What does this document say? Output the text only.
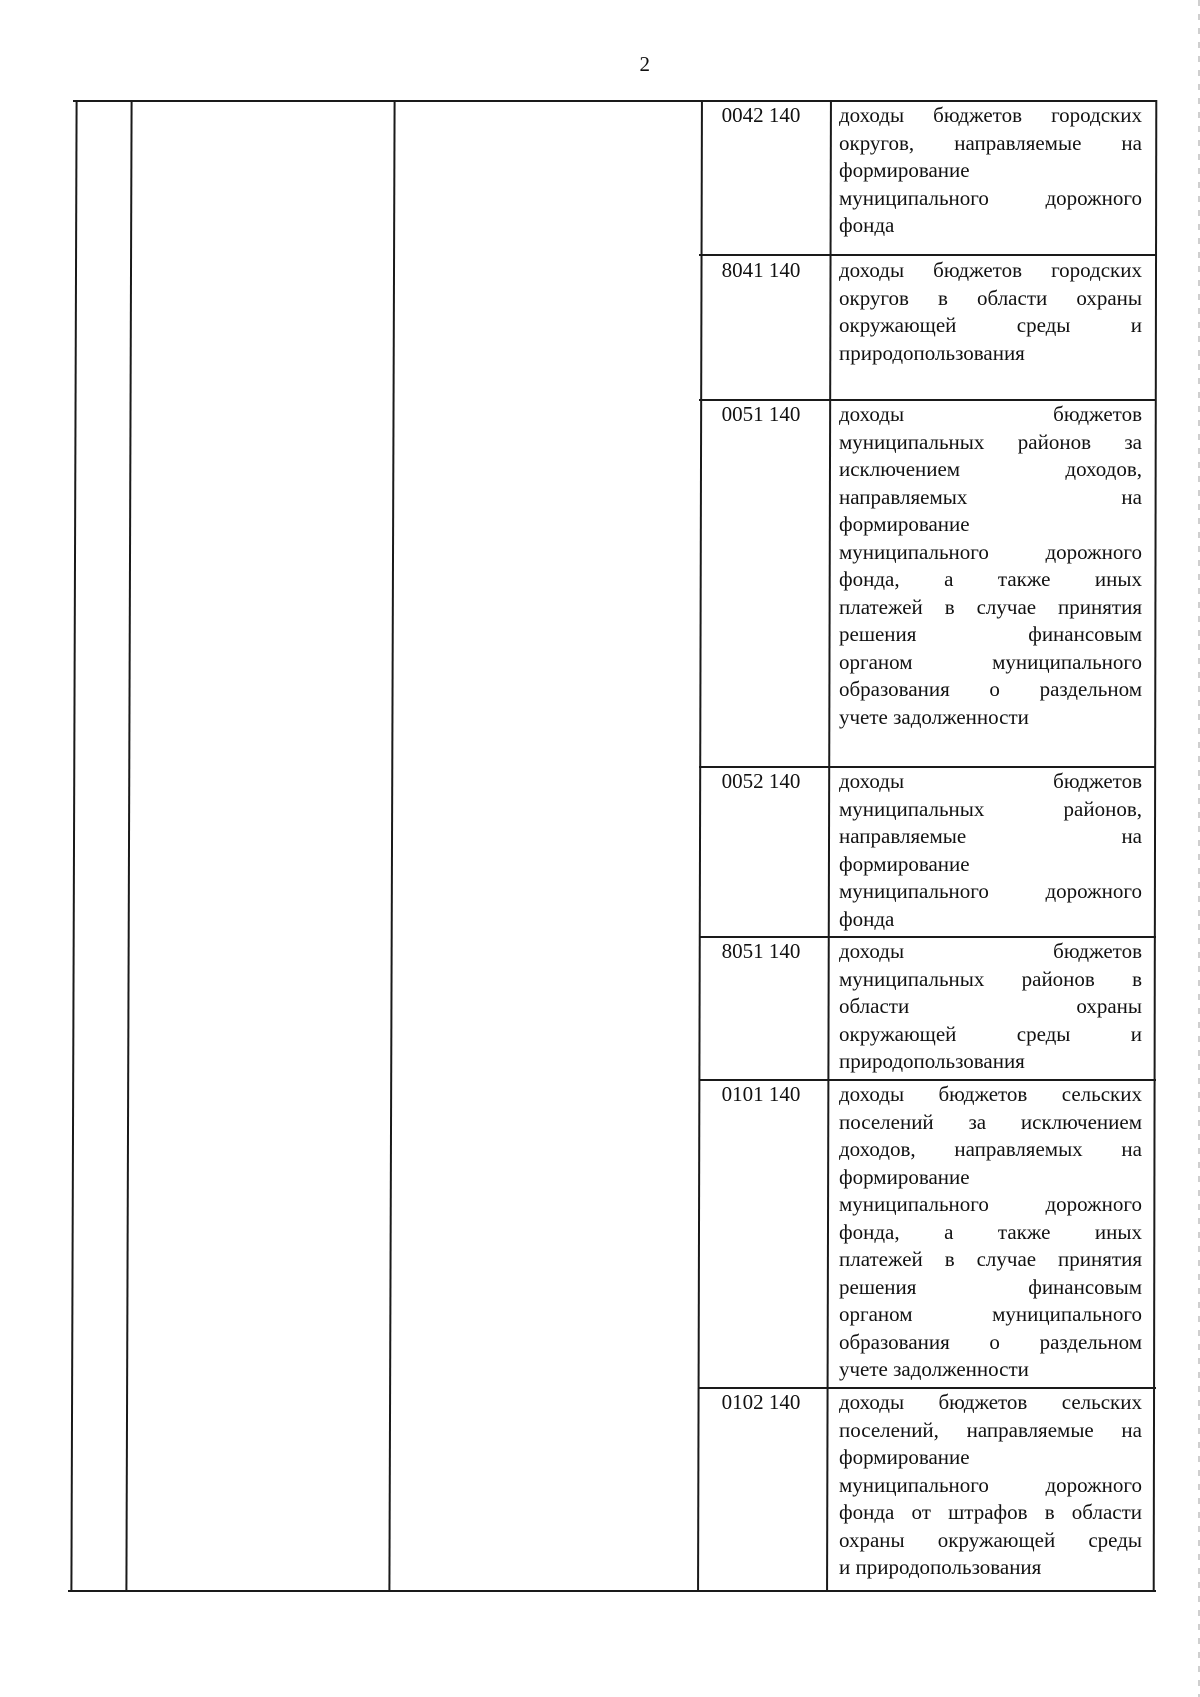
2
0042 140	доходы бюджетов городских
округов, направляемые на
формирование
муниципального дорожного
фонда
8041 140	доходы бюджетов городских
округов в области охраны
окружающей среды и
природопользования
0051 140	доходы бюджетов
муниципальных районов за
исключением доходов,
направляемых на
формирование
муниципального дорожного
фонда, а также иных
платежей в случае принятия
решения финансовым
органом муниципального
образования о раздельном
учете задолженности
0052 140	доходы бюджетов
муниципальных районов,
направляемые на
формирование
муниципального дорожного
фонда
8051 140	доходы бюджетов
муниципальных районов в
области охраны
окружающей среды и
природопользования
0101 140	доходы бюджетов сельских
поселений за исключением
доходов, направляемых на
формирование
муниципального дорожного
фонда, а также иных
платежей в случае принятия
решения финансовым
органом муниципального
образования о раздельном
учете задолженности
0102 140	доходы бюджетов сельских
поселений, направляемые на
формирование
муниципального дорожного
фонда от штрафов в области
охраны окружающей среды
и природопользования
